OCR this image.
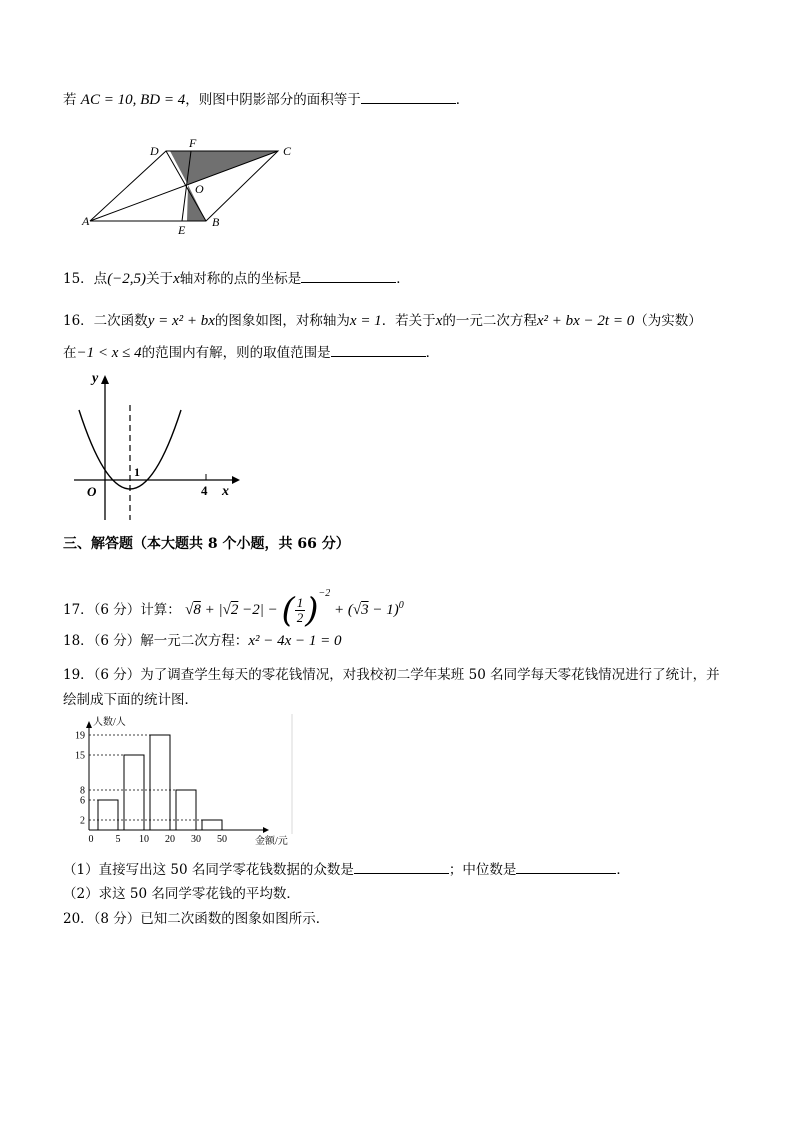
若 AC = 10, BD = 4，则图中阴影部分的面积等于	．
D
F
C
O
A
E
B
15．点(−2,5)关于x轴对称的点的坐标是	．
16．二次函数y = x² + bx的图象如图，对称轴为x = 1．若关于x的一元二次方程x² + bx − 2t = 0（为实数）
在−1 < x ≤ 4的范围内有解，则的取值范围是	．
y
x
O
1
4
三、解答题（本大题共 8 个小题，共 66 分）
17．（6 分）计算： √8 + |√2 −2| − ( $\frac{1}{2} )^{-2} + (√3 - 1)^0$
18．（6 分）解一元二次方程：x² − 4x − 1 = 0
19．（6 分）为了调查学生每天的零花钱情况，对我校初二学年某班 50 名同学每天零花钱情况进行了统计，并
绘制成下面的统计图．
人数/人
金额/元
2
6
8
15
19
0 5 10 20 30 50
（1）直接写出这 50 名同学零花钱数据的众数是	；中位数是	．
（2）求这 50 名同学零花钱的平均数．
20．（8 分）已知二次函数的图象如图所示．
